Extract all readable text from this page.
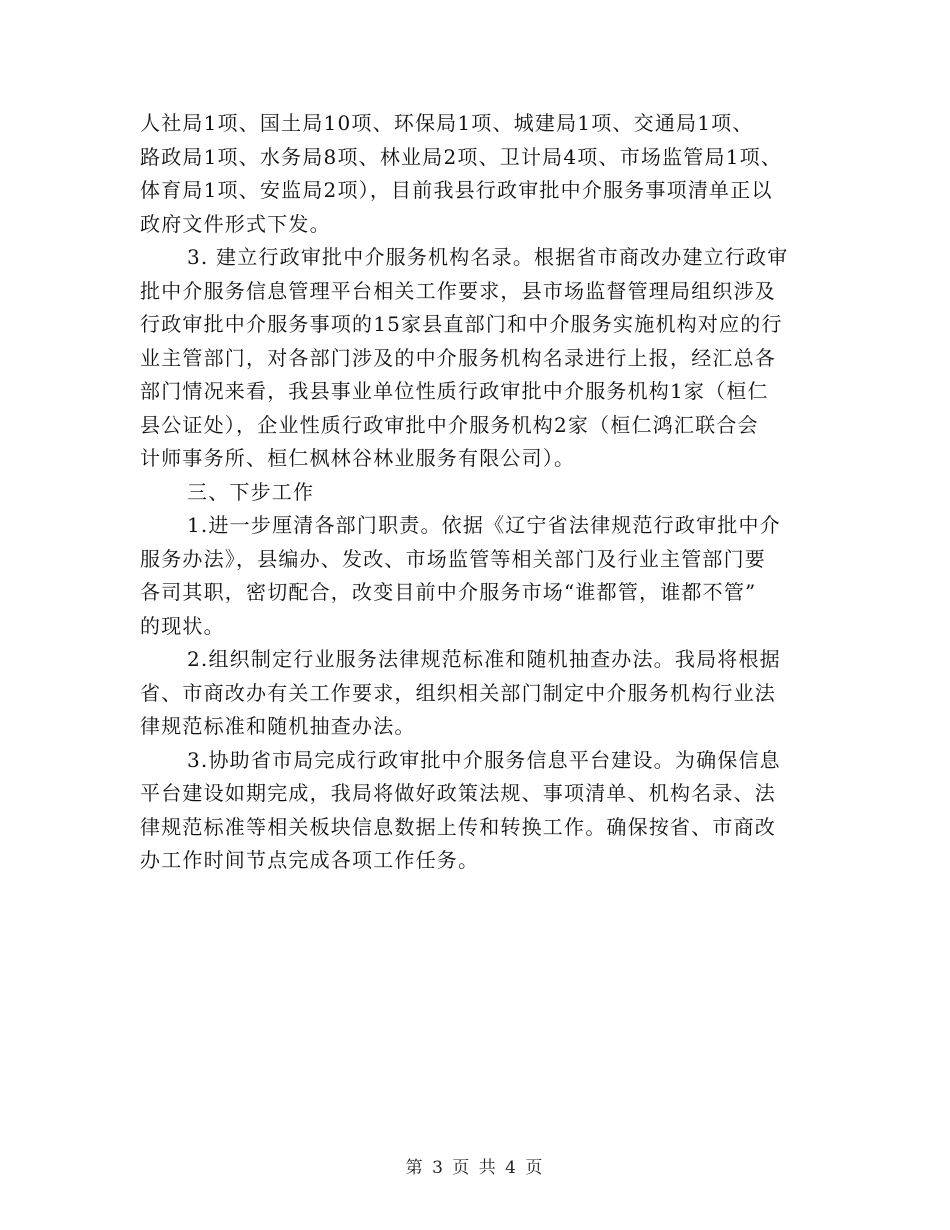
人社局1项、国土局10项、环保局1项、城建局1项、交通局1项、
路政局1项、水务局8项、林业局2项、卫计局4项、市场监管局1项、
体育局1项、安监局2项），目前我县行政审批中介服务事项清单正以
政府文件形式下发。
3. 建立行政审批中介服务机构名录。根据省市商改办建立行政审
批中介服务信息管理平台相关工作要求，县市场监督管理局组织涉及
行政审批中介服务事项的15家县直部门和中介服务实施机构对应的行
业主管部门，对各部门涉及的中介服务机构名录进行上报，经汇总各
部门情况来看，我县事业单位性质行政审批中介服务机构1家（桓仁
县公证处），企业性质行政审批中介服务机构2家（桓仁鸿汇联合会
计师事务所、桓仁枫林谷林业服务有限公司）。
三、下步工作
1.进一步厘清各部门职责。依据《辽宁省法律规范行政审批中介
服务办法》，县编办、发改、市场监管等相关部门及行业主管部门要
各司其职，密切配合，改变目前中介服务市场“谁都管，谁都不管”
的现状。
2.组织制定行业服务法律规范标准和随机抽查办法。我局将根据
省、市商改办有关工作要求，组织相关部门制定中介服务机构行业法
律规范标准和随机抽查办法。
3.协助省市局完成行政审批中介服务信息平台建设。为确保信息
平台建设如期完成，我局将做好政策法规、事项清单、机构名录、法
律规范标准等相关板块信息数据上传和转换工作。确保按省、市商改
办工作时间节点完成各项工作任务。
第 3 页 共 4 页
